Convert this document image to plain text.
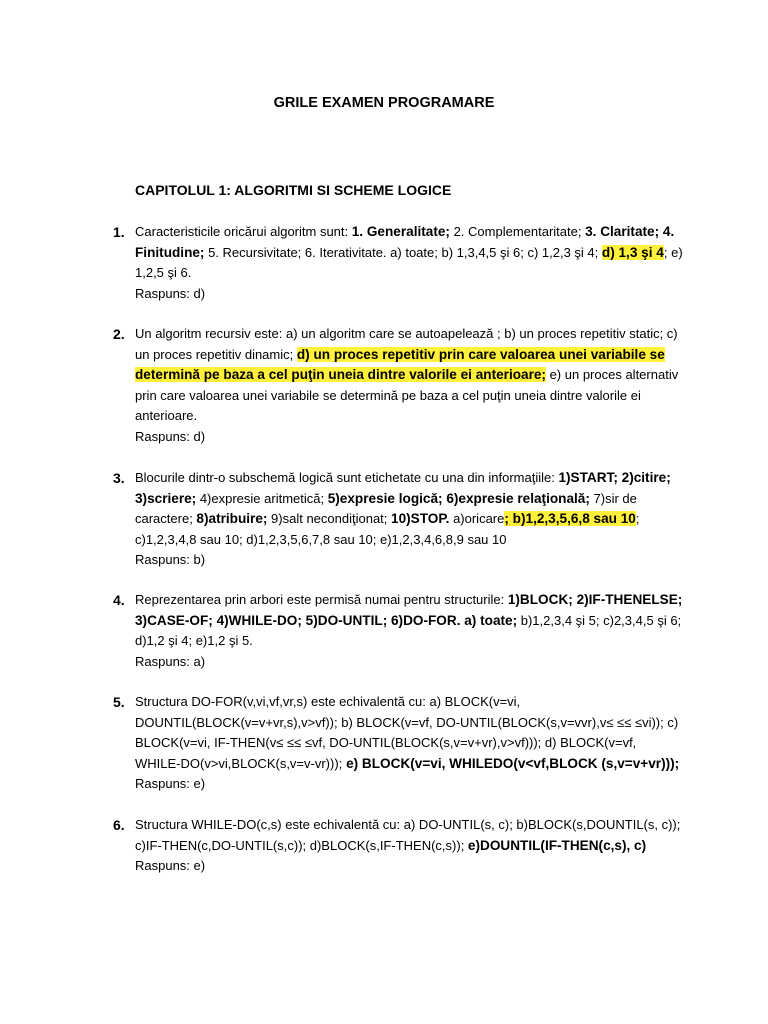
GRILE EXAMEN PROGRAMARE
CAPITOLUL 1: ALGORITMI SI SCHEME LOGICE
1. Caracteristicile oricărui algoritm sunt: 1. Generalitate; 2. Complementaritate; 3. Claritate; 4. Finitudine; 5. Recursivitate; 6. Iterativitate. a) toate; b) 1,3,4,5 şi 6; c) 1,2,3 şi 4; d) 1,3 şi 4; e) 1,2,5 şi 6.
Raspuns: d)
2. Un algoritm recursiv este: a) un algoritm care se autoapelează ; b) un proces repetitiv static; c) un proces repetitiv dinamic; d) un proces repetitiv prin care valoarea unei variabile se determină pe baza a cel puţin uneia dintre valorile ei anterioare; e) un proces alternativ prin care valoarea unei variabile se determină pe baza a cel puţin uneia dintre valorile ei anterioare.
Raspuns: d)
3. Blocurile dintr-o subschemă logică sunt etichetate cu una din informaţiile: 1)START; 2)citire; 3)scriere; 4)expresie aritmetică; 5)expresie logică; 6)expresie relaţională; 7)sir de caractere; 8)atribuire; 9)salt necondiţionat; 10)STOP. a)oricare; b)1,2,3,5,6,8 sau 10; c)1,2,3,4,8 sau 10; d)1,2,3,5,6,7,8 sau 10; e)1,2,3,4,6,8,9 sau 10
Raspuns: b)
4. Reprezentarea prin arbori este permisă numai pentru structurile: 1)BLOCK; 2)IF-THENELSE; 3)CASE-OF; 4)WHILE-DO; 5)DO-UNTIL; 6)DO-FOR. a) toate; b)1,2,3,4 şi 5; c)2,3,4,5 şi 6; d)1,2 şi 4; e)1,2 şi 5.
Raspuns: a)
5. Structura DO-FOR(v,vi,vf,vr,s) este echivalentă cu: a) BLOCK(v=vi, DOUNTIL(BLOCK(v=v+vr,s),v>vf)); b) BLOCK(v=vf, DO-UNTIL(BLOCK(s,v=vvr),v≤ ≤≤ ≤vi)); c) BLOCK(v=vi, IF-THEN(v≤ ≤≤ ≤vf, DO-UNTIL(BLOCK(s,v=v+vr),v>vf))); d) BLOCK(v=vf, WHILE-DO(v>vi,BLOCK(s,v=v-vr))); e) BLOCK(v=vi, WHILEDO(v<vf,BLOCK (s,v=v+vr)));
Raspuns: e)
6. Structura WHILE-DO(c,s) este echivalentă cu: a) DO-UNTIL(s, c); b)BLOCK(s,DOUNTIL(s, c)); c)IF-THEN(c,DO-UNTIL(s,c)); d)BLOCK(s,IF-THEN(c,s)); e)DOUNTIL(IF-THEN(c,s), c)
Raspuns: e)
